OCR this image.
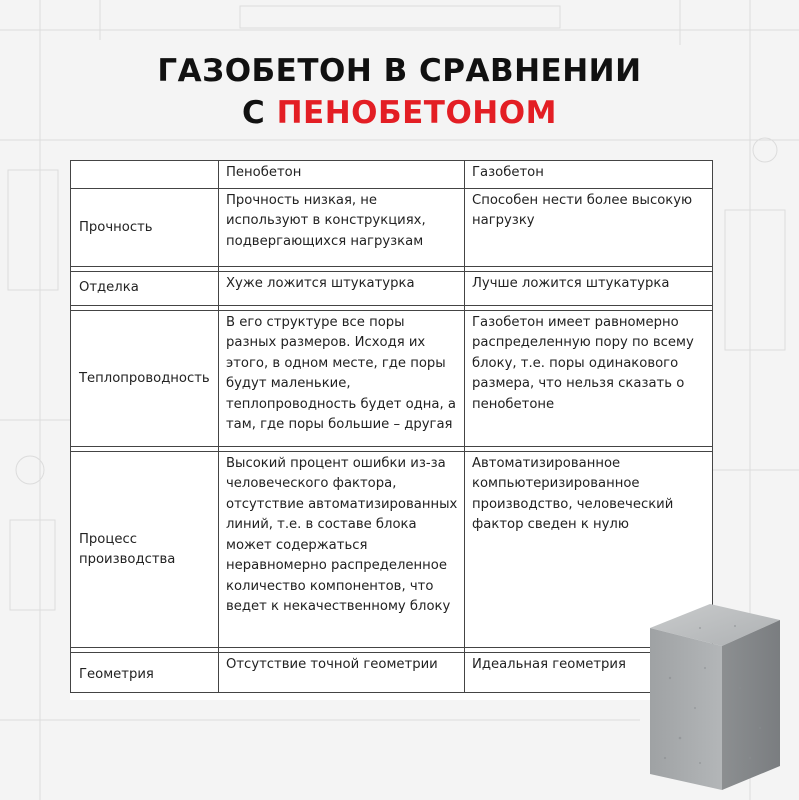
ГАЗОБЕТОН В СРАВНЕНИИ
С ПЕНОБЕТОНОМ
	Пенобетон	Газобетон
Прочность	Прочность низкая, не используют в конструкциях, подвергающихся нагрузкам	Способен нести более высокую нагрузку

Отделка	Хуже ложится штукатурка	Лучше ложится штукатурка

Теплопроводность	В его структуре все поры разных размеров. Исходя их этого, в одном месте, где поры будут маленькие, теплопроводность будет одна, а там, где поры большие – другая	Газобетон имеет равномерно распределенную пору по всему блоку, т.е. поры одинакового размера, что нельзя сказать о пенобетоне

Процесс производства	Высокий процент ошибки из-за человеческого фактора, отсутствие автоматизированных линий, т.е. в составе блока может содержаться неравномерно распределенное количество компонентов, что ведет к некачественному блоку	Автоматизированное компьютеризированное производство, человеческий фактор сведен к нулю

Геометрия	Отсутствие точной геометрии	Идеальная геометрия
